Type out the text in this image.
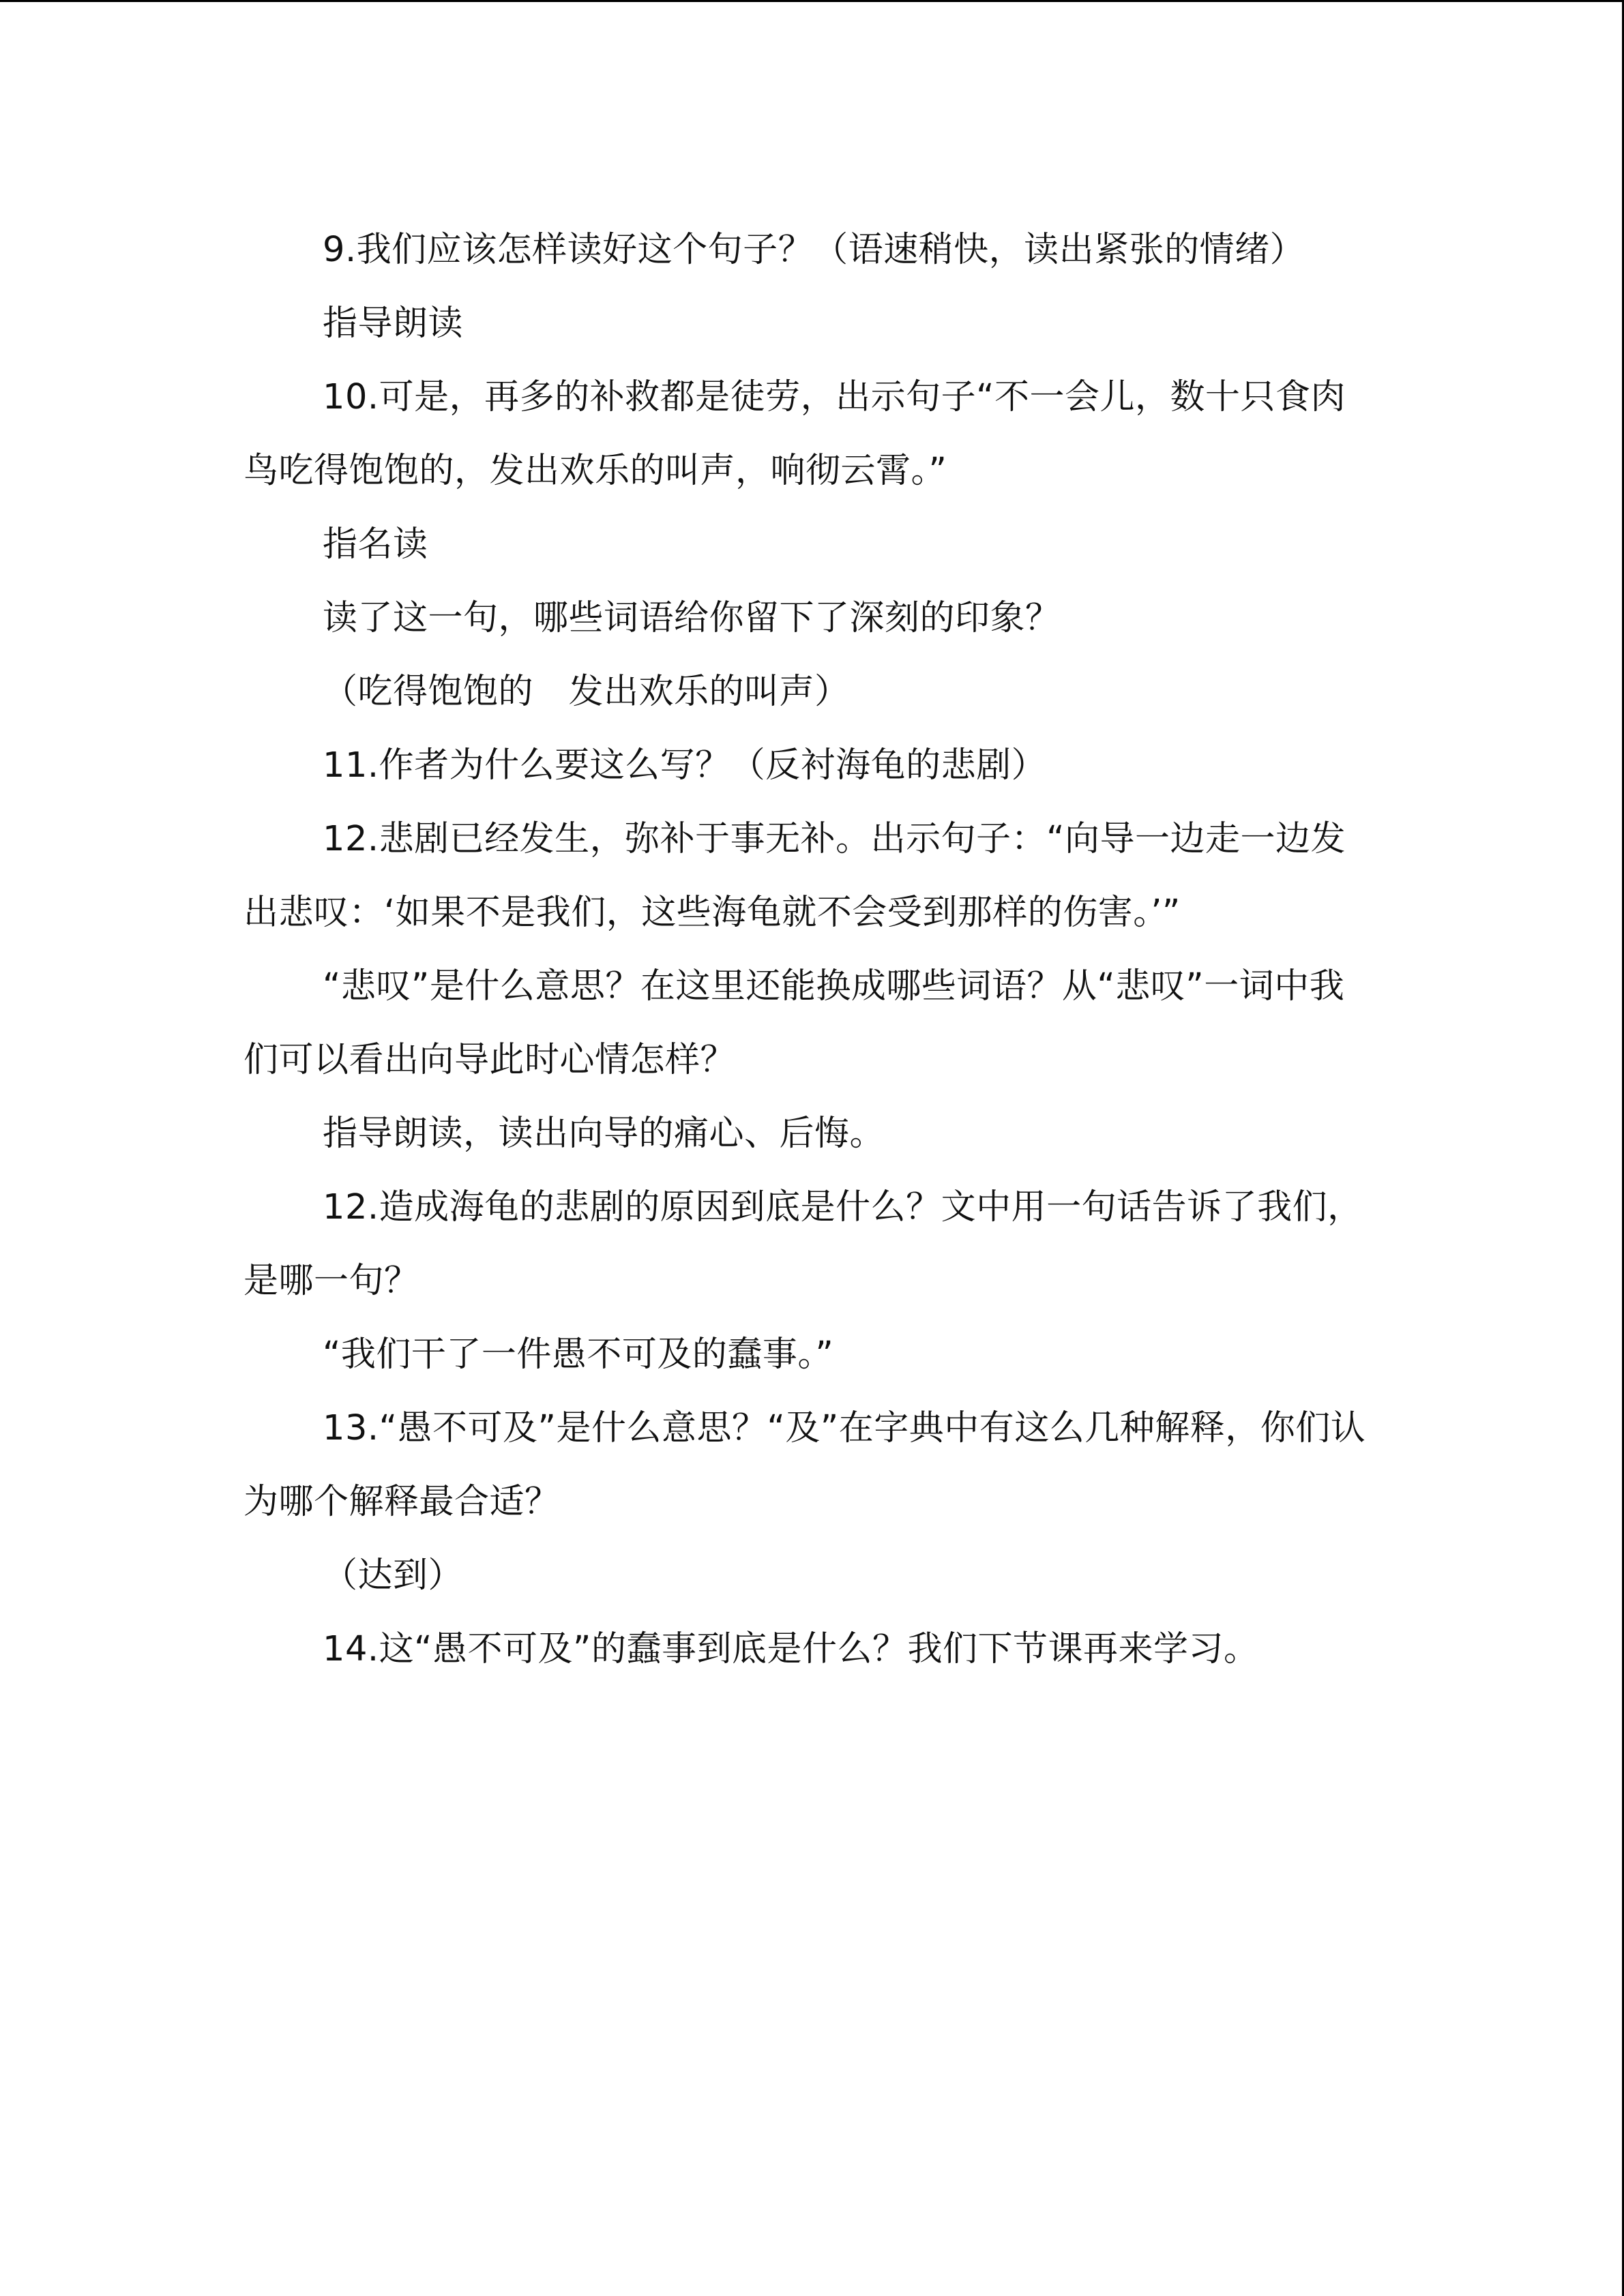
9.我们应该怎样读好这个句子？（语速稍快，读出紧张的情绪）

指导朗读

10.可是，再多的补救都是徒劳，出示句子“不一会儿，数十只食肉鸟吃得饱饱的，发出欢乐的叫声，响彻云霄。”

指名读

读了这一句，哪些词语给你留下了深刻的印象？

（吃得饱饱的　发出欢乐的叫声）

11.作者为什么要这么写？（反衬海龟的悲剧）

12.悲剧已经发生，弥补于事无补。出示句子：“向导一边走一边发出悲叹：‘如果不是我们，这些海龟就不会受到那样的伤害。’”

“悲叹”是什么意思？在这里还能换成哪些词语？从“悲叹”一词中我们可以看出向导此时心情怎样？

指导朗读，读出向导的痛心、后悔。

12.造成海龟的悲剧的原因到底是什么？文中用一句话告诉了我们，是哪一句？

“我们干了一件愚不可及的蠢事。”

13.“愚不可及”是什么意思？“及”在字典中有这么几种解释，你们认为哪个解释最合适？

（达到）

14.这“愚不可及”的蠢事到底是什么？我们下节课再来学习。
